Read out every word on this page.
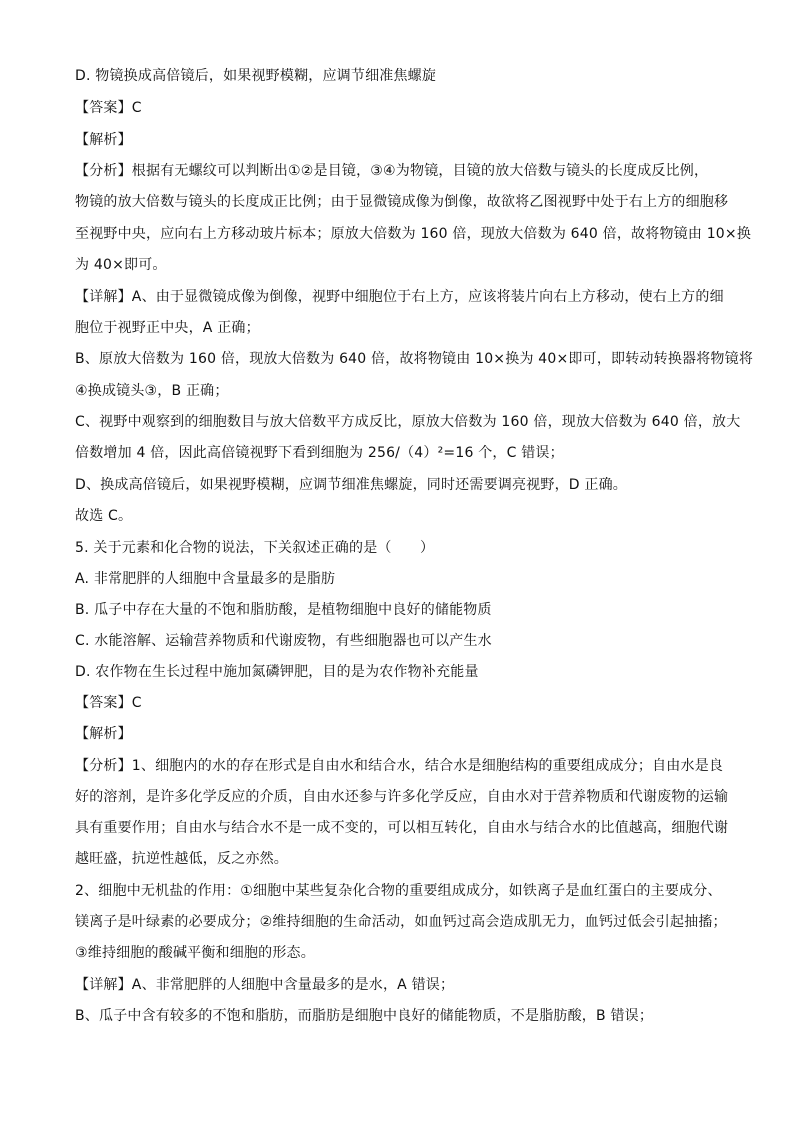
D. 物镜换成高倍镜后，如果视野模糊，应调节细准焦螺旋
【答案】C
【解析】
【分析】根据有无螺纹可以判断出①②是目镜，③④为物镜，目镜的放大倍数与镜头的长度成反比例，
物镜的放大倍数与镜头的长度成正比例；由于显微镜成像为倒像，故欲将乙图视野中处于右上方的细胞移
至视野中央，应向右上方移动玻片标本；原放大倍数为 160 倍，现放大倍数为 640 倍，故将物镜由 10×换
为 40×即可。
【详解】A、由于显微镜成像为倒像，视野中细胞位于右上方，应该将装片向右上方移动，使右上方的细
胞位于视野正中央，A 正确；
B、原放大倍数为 160 倍，现放大倍数为 640 倍，故将物镜由 10×换为 40×即可，即转动转换器将物镜将
④换成镜头③，B 正确；
C、视野中观察到的细胞数目与放大倍数平方成反比，原放大倍数为 160 倍，现放大倍数为 640 倍，放大
倍数增加 4 倍，因此高倍镜视野下看到细胞为 256/（4）²=16 个，C 错误；
D、换成高倍镜后，如果视野模糊，应调节细准焦螺旋，同时还需要调亮视野，D 正确。
故选 C。
5. 关于元素和化合物的说法，下关叙述正确的是（　　）
A. 非常肥胖的人细胞中含量最多的是脂肪
B. 瓜子中存在大量的不饱和脂肪酸，是植物细胞中良好的储能物质
C. 水能溶解、运输营养物质和代谢废物，有些细胞器也可以产生水
D. 农作物在生长过程中施加氮磷钾肥，目的是为农作物补充能量
【答案】C
【解析】
【分析】1、细胞内的水的存在形式是自由水和结合水，结合水是细胞结构的重要组成成分；自由水是良
好的溶剂，是许多化学反应的介质，自由水还参与许多化学反应，自由水对于营养物质和代谢废物的运输
具有重要作用；自由水与结合水不是一成不变的，可以相互转化，自由水与结合水的比值越高，细胞代谢
越旺盛，抗逆性越低，反之亦然。
2、细胞中无机盐的作用：①细胞中某些复杂化合物的重要组成成分，如铁离子是血红蛋白的主要成分、
镁离子是叶绿素的必要成分；②维持细胞的生命活动，如血钙过高会造成肌无力，血钙过低会引起抽搐；
③维持细胞的酸碱平衡和细胞的形态。
【详解】A、非常肥胖的人细胞中含量最多的是水，A 错误；
B、瓜子中含有较多的不饱和脂肪，而脂肪是细胞中良好的储能物质，不是脂肪酸，B 错误；
